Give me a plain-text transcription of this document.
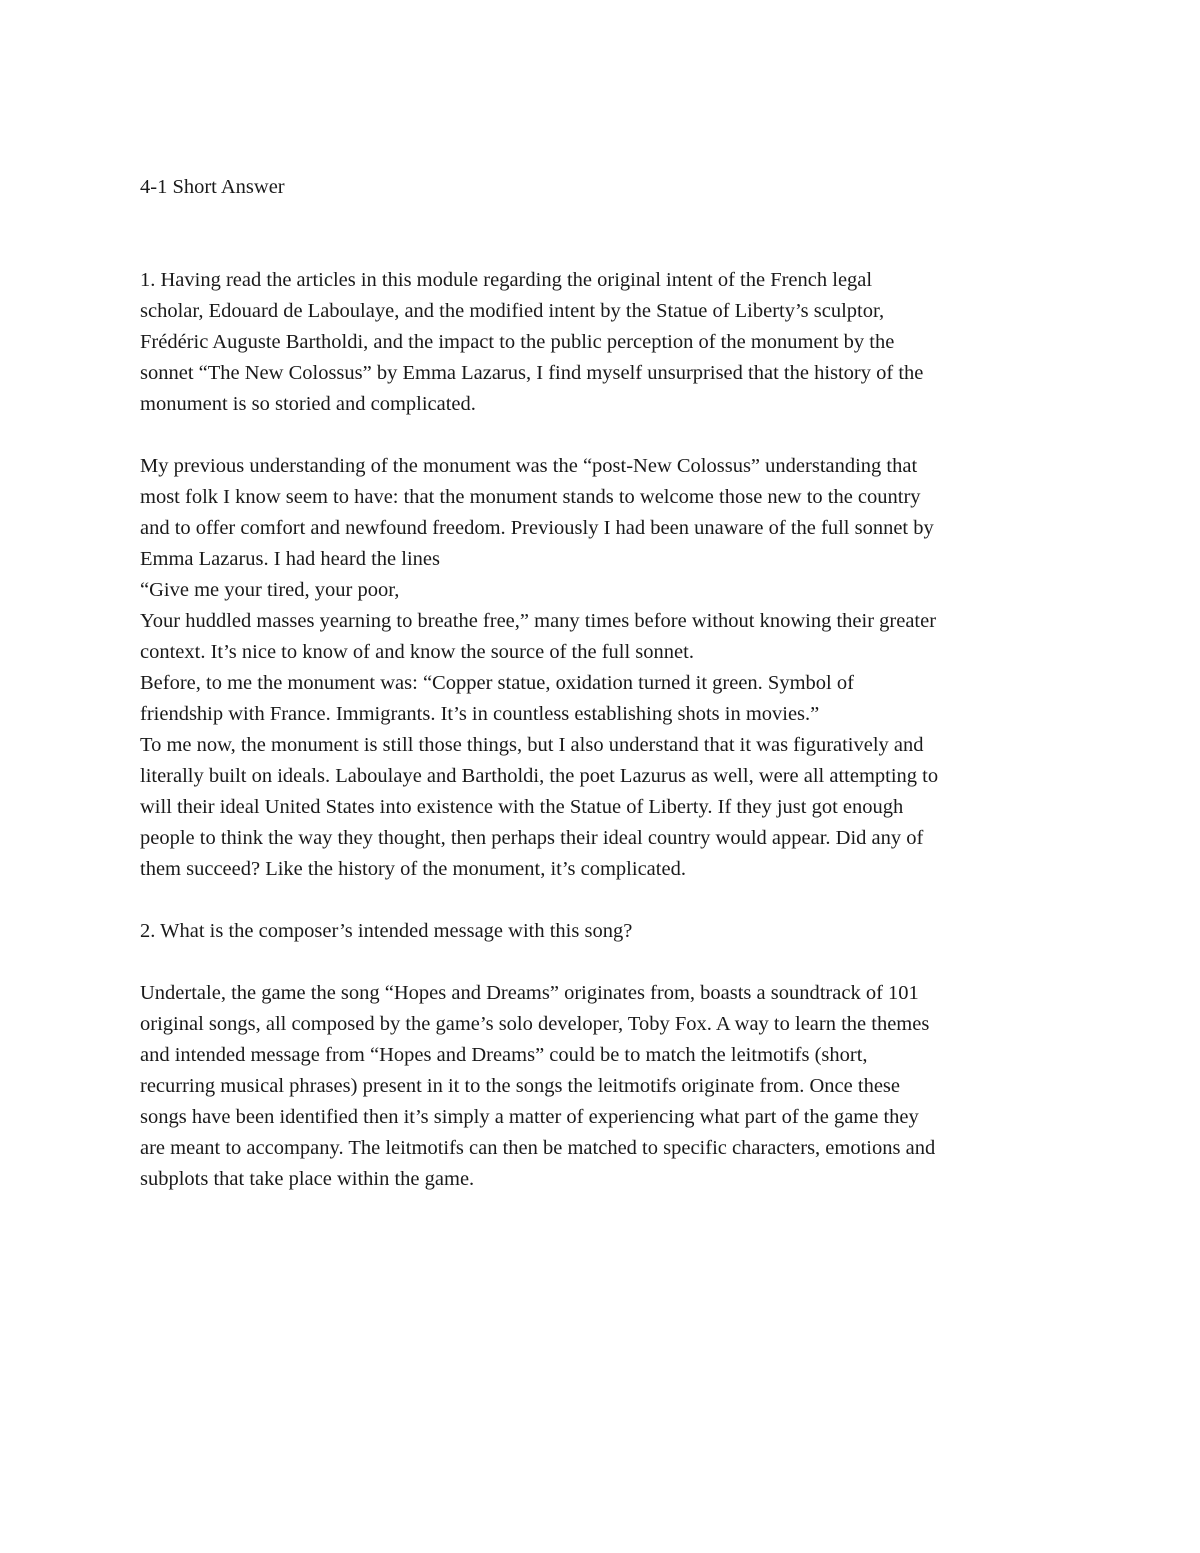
4-1 Short Answer
1. Having read the articles in this module regarding the original intent of the French legal
scholar, Edouard de Laboulaye, and the modified intent by the Statue of Liberty’s sculptor,
Frédéric Auguste Bartholdi, and the impact to the public perception of the monument by the
sonnet “The New Colossus” by Emma Lazarus, I find myself unsurprised that the history of the
monument is so storied and complicated.
My previous understanding of the monument was the “post-New Colossus” understanding that
most folk I know seem to have: that the monument stands to welcome those new to the country
and to offer comfort and newfound freedom. Previously I had been unaware of the full sonnet by
Emma Lazarus. I had heard the lines
“Give me your tired, your poor,
Your huddled masses yearning to breathe free,” many times before without knowing their greater
context. It’s nice to know of and know the source of the full sonnet.
Before, to me the monument was: “Copper statue, oxidation turned it green. Symbol of
friendship with France. Immigrants. It’s in countless establishing shots in movies.”
To me now, the monument is still those things, but I also understand that it was figuratively and
literally built on ideals. Laboulaye and Bartholdi, the poet Lazurus as well, were all attempting to
will their ideal United States into existence with the Statue of Liberty. If they just got enough
people to think the way they thought, then perhaps their ideal country would appear. Did any of
them succeed? Like the history of the monument, it’s complicated.
2. What is the composer’s intended message with this song?
Undertale, the game the song “Hopes and Dreams” originates from, boasts a soundtrack of 101
original songs, all composed by the game’s solo developer, Toby Fox. A way to learn the themes
and intended message from “Hopes and Dreams” could be to match the leitmotifs (short,
recurring musical phrases) present in it to the songs the leitmotifs originate from. Once these
songs have been identified then it’s simply a matter of experiencing what part of the game they
are meant to accompany. The leitmotifs can then be matched to specific characters, emotions and
subplots that take place within the game.
